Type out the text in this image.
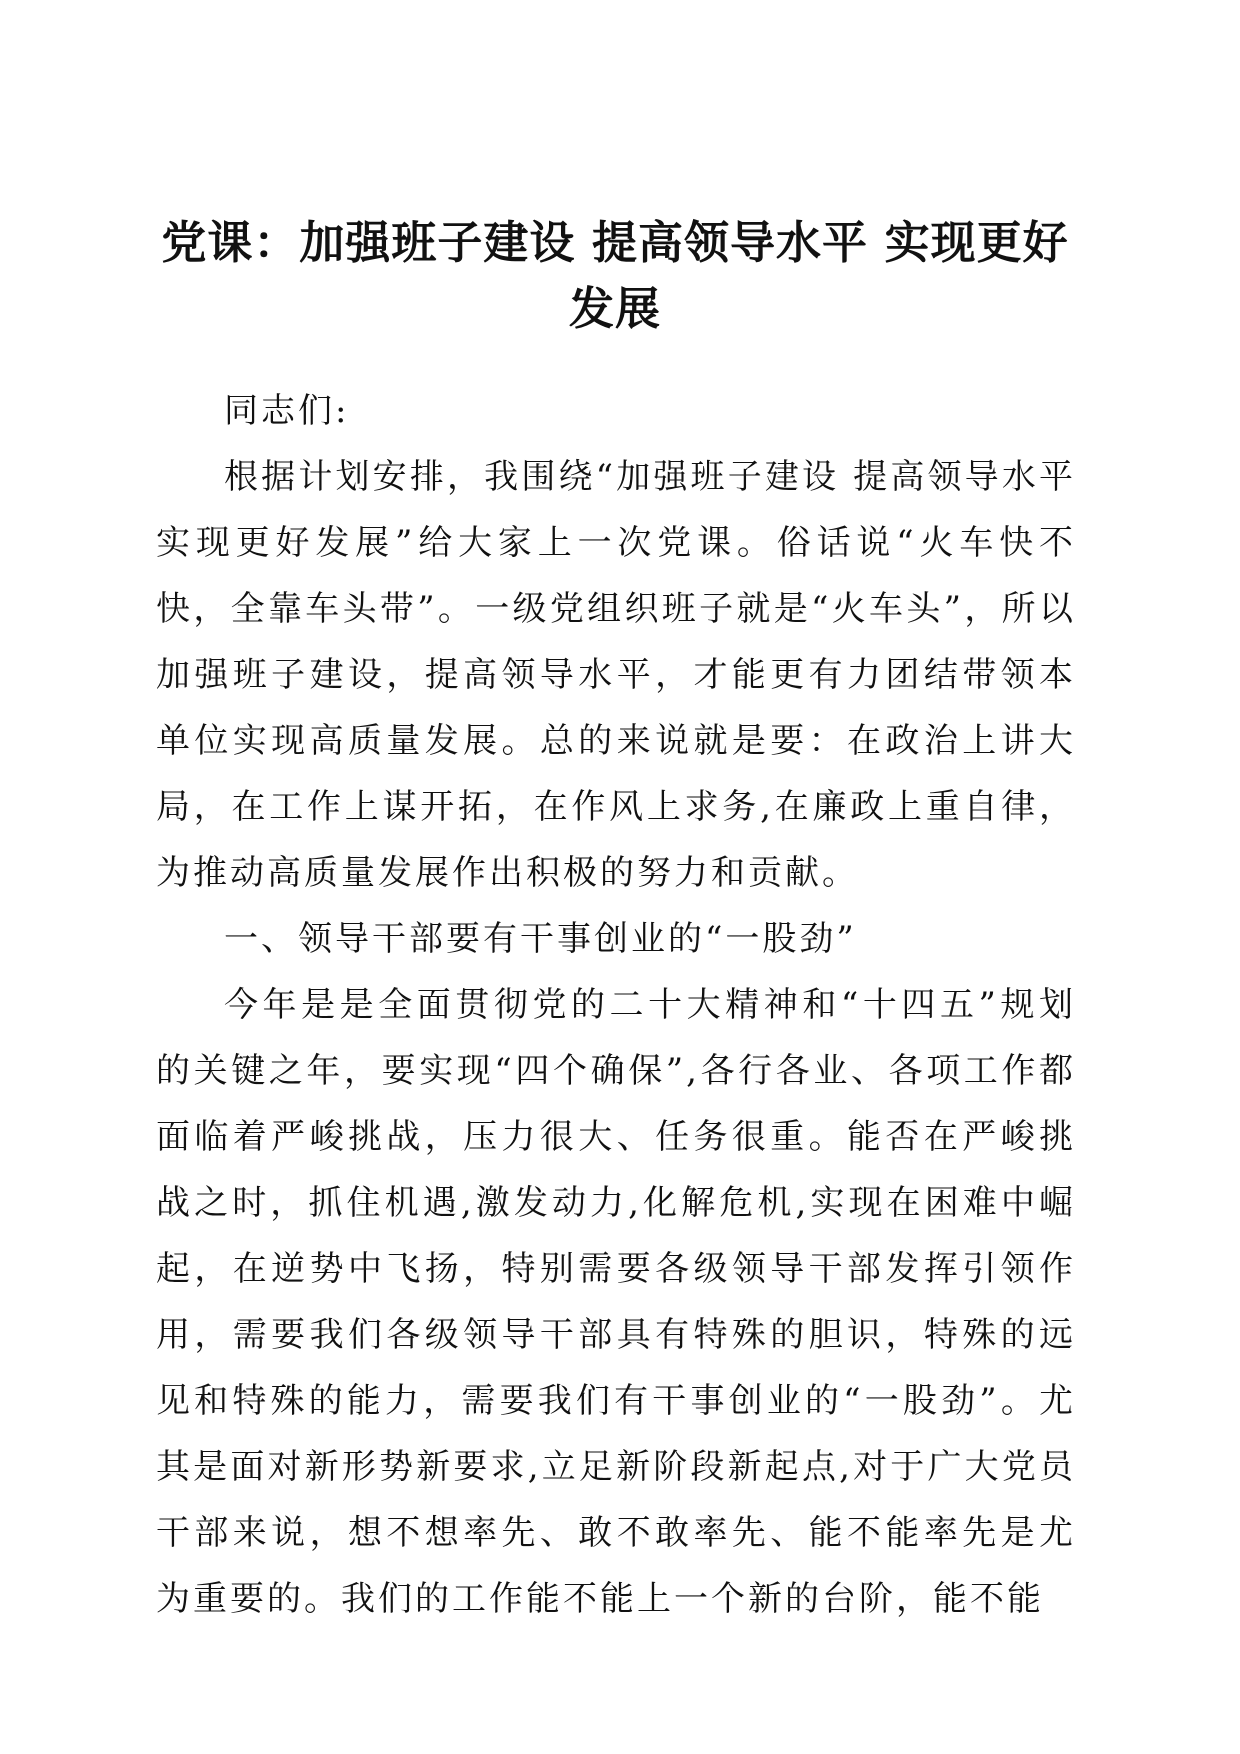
党课：加强班子建设 提高领导水平 实现更好
发展

同志们:

根据计划安排，我围绕“加强班子建设 提高领导水平 实现更好发展”给大家上一次党课。俗话说“火车快不快，全靠车头带”。一级党组织班子就是“火车头”，所以加强班子建设，提高领导水平，才能更有力团结带领本单位实现高质量发展。总的来说就是要：在政治上讲大局，在工作上谋开拓，在作风上求务,在廉政上重自律，为推动高质量发展作出积极的努力和贡献。

一、领导干部要有干事创业的“一股劲”

今年是是全面贯彻党的二十大精神和“十四五”规划的关键之年，要实现“四个确保”,各行各业、各项工作都面临着严峻挑战，压力很大、任务很重。能否在严峻挑战之时，抓住机遇,激发动力,化解危机,实现在困难中崛起，在逆势中飞扬，特别需要各级领导干部发挥引领作用，需要我们各级领导干部具有特殊的胆识，特殊的远见和特殊的能力，需要我们有干事创业的“一股劲”。尤其是面对新形势新要求,立足新阶段新起点,对于广大党员干部来说，想不想率先、敢不敢率先、能不能率先是尤为重要的。我们的工作能不能上一个新的台阶，能不能
